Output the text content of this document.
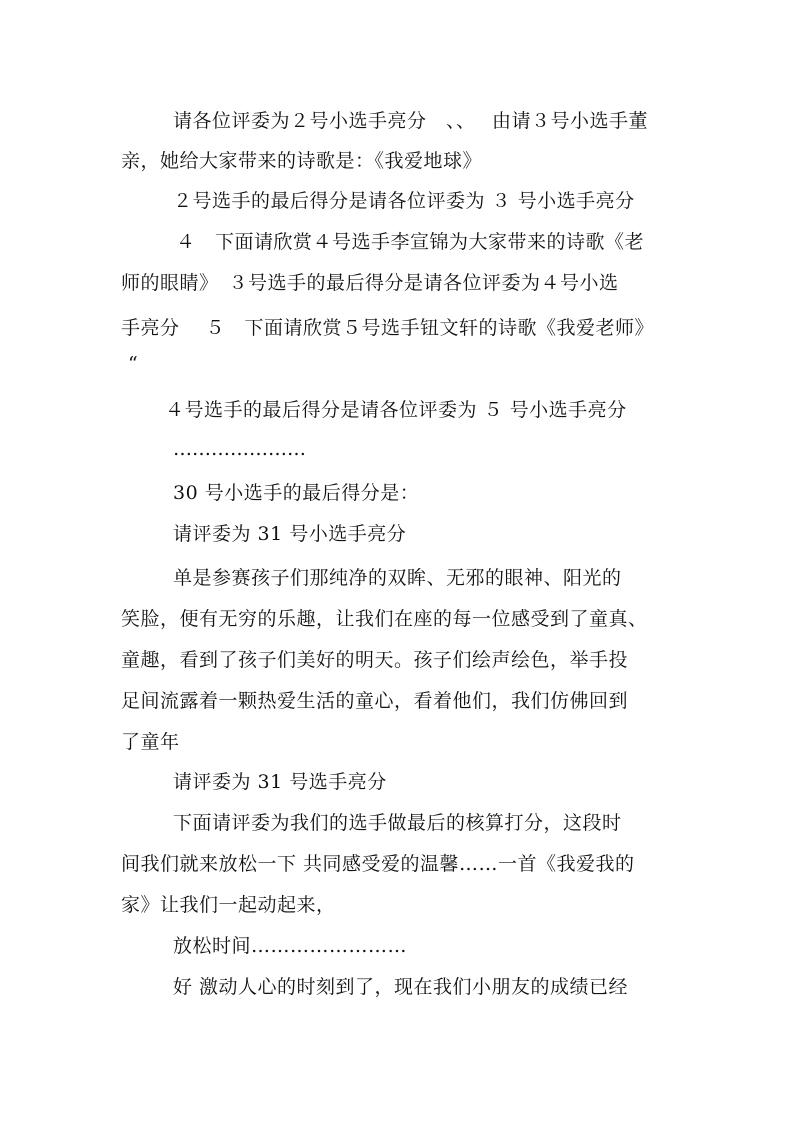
请各位评委为２号小选手亮分　、、　 由请３号小选手董
亲，她给大家带来的诗歌是：《我爱地球》
２号选手的最后得分是请各位评委为 ３ 号小选手亮分
４　下面请欣赏４号选手李宣锦为大家带来的诗歌《老
师的眼睛》　３号选手的最后得分是请各位评委为４号小选
手亮分　 ５　下面请欣赏５号选手钮文轩的诗歌《我爱老师》
“
４号选手的最后得分是请各位评委为 ５ 号小选手亮分
…………………
30 号小选手的最后得分是：
请评委为 31 号小选手亮分
单是参赛孩子们那纯净的双眸、无邪的眼神、阳光的
笑脸，便有无穷的乐趣，让我们在座的每一位感受到了童真、
童趣，看到了孩子们美好的明天。孩子们绘声绘色，举手投
足间流露着一颗热爱生活的童心，看着他们，我们仿佛回到
了童年
请评委为 31 号选手亮分
下面请评委为我们的选手做最后的核算打分，这段时
间我们就来放松一下 共同感受爱的温馨……一首《我爱我的
家》让我们一起动起来，
放松时间……………………
好 激动人心的时刻到了，现在我们小朋友的成绩已经
